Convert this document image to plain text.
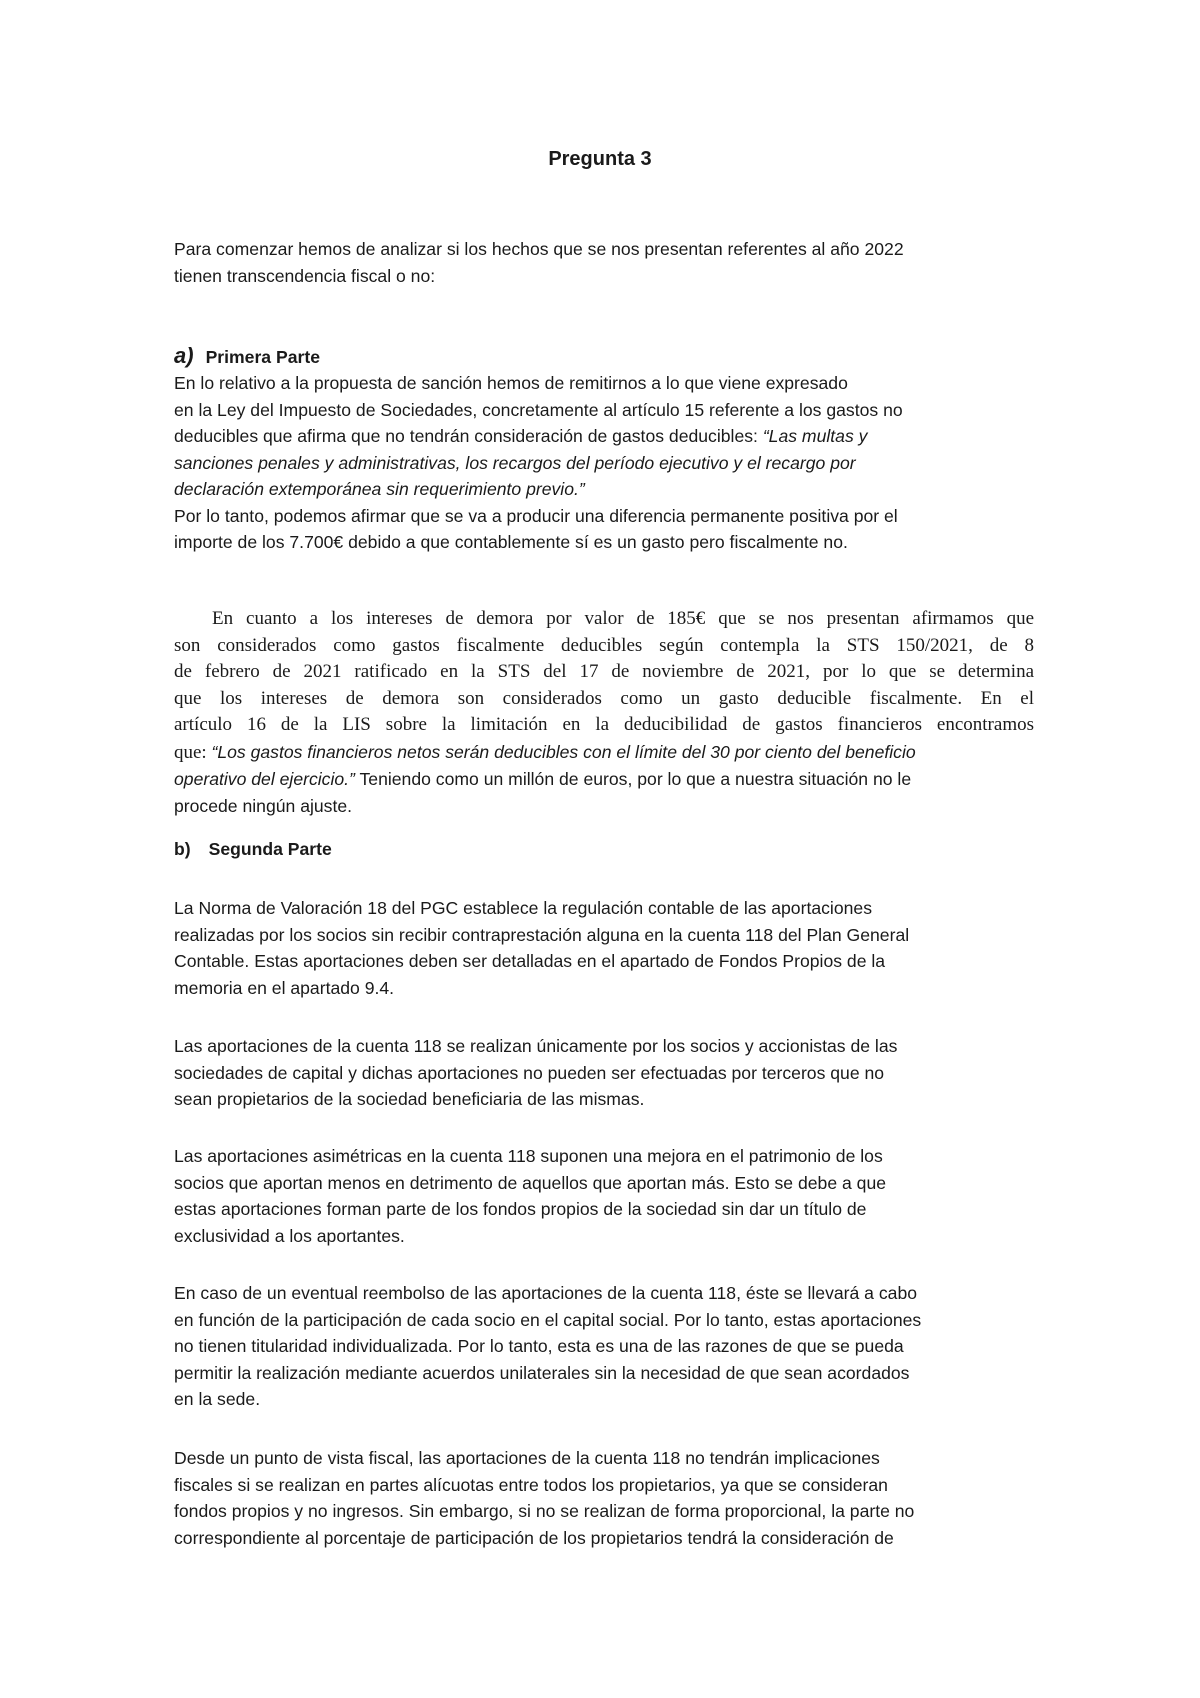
Pregunta 3
Para comenzar hemos de analizar si los hechos que se nos presentan referentes al año 2022
tienen transcendencia fiscal o no:
a) Primera Parte
En lo relativo a la propuesta de sanción hemos de remitirnos a lo que viene expresado
en la Ley del Impuesto de Sociedades, concretamente al artículo 15 referente a los gastos no
deducibles que afirma que no tendrán consideración de gastos deducibles: “Las multas y
sanciones penales y administrativas, los recargos del período ejecutivo y el recargo por
declaración extemporánea sin requerimiento previo.”
Por lo tanto, podemos afirmar que se va a producir una diferencia permanente positiva por el
importe de los 7.700€ debido a que contablemente sí es un gasto pero fiscalmente no.
En cuanto a los intereses de demora por valor de 185€ que se nos presentan afirmamos que
son considerados como gastos fiscalmente deducibles según contempla la STS 150/2021, de 8
de febrero de 2021 ratificado en la STS del 17 de noviembre de 2021, por lo que se determina
que los intereses de demora son considerados como un gasto deducible fiscalmente. En el
artículo 16 de la LIS sobre la limitación en la deducibilidad de gastos financieros encontramos
que: “Los gastos financieros netos serán deducibles con el límite del 30 por ciento del beneficio
operativo del ejercicio.” Teniendo como un millón de euros, por lo que a nuestra situación no le
procede ningún ajuste.
b) Segunda Parte
La Norma de Valoración 18 del PGC establece la regulación contable de las aportaciones
realizadas por los socios sin recibir contraprestación alguna en la cuenta 118 del Plan General
Contable. Estas aportaciones deben ser detalladas en el apartado de Fondos Propios de la
memoria en el apartado 9.4.
Las aportaciones de la cuenta 118 se realizan únicamente por los socios y accionistas de las
sociedades de capital y dichas aportaciones no pueden ser efectuadas por terceros que no
sean propietarios de la sociedad beneficiaria de las mismas.
Las aportaciones asimétricas en la cuenta 118 suponen una mejora en el patrimonio de los
socios que aportan menos en detrimento de aquellos que aportan más. Esto se debe a que
estas aportaciones forman parte de los fondos propios de la sociedad sin dar un título de
exclusividad a los aportantes.
En caso de un eventual reembolso de las aportaciones de la cuenta 118, éste se llevará a cabo
en función de la participación de cada socio en el capital social. Por lo tanto, estas aportaciones
no tienen titularidad individualizada. Por lo tanto, esta es una de las razones de que se pueda
permitir la realización mediante acuerdos unilaterales sin la necesidad de que sean acordados
en la sede.
Desde un punto de vista fiscal, las aportaciones de la cuenta 118 no tendrán implicaciones
fiscales si se realizan en partes alícuotas entre todos los propietarios, ya que se consideran
fondos propios y no ingresos. Sin embargo, si no se realizan de forma proporcional, la parte no
correspondiente al porcentaje de participación de los propietarios tendrá la consideración de
